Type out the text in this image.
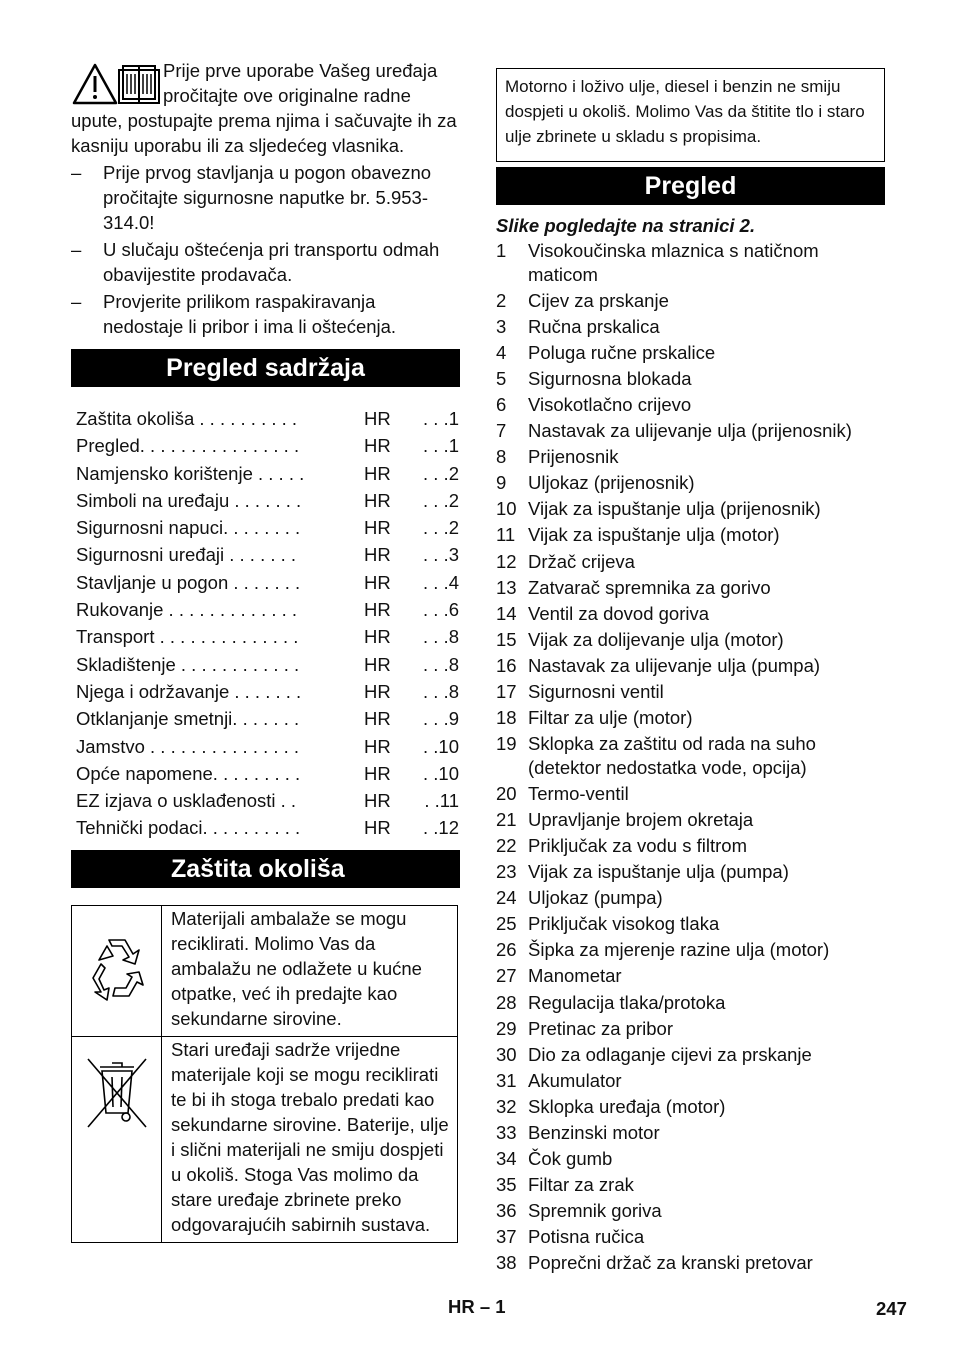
Prije prve uporabe Vašeg uređaja pročitajte ove originalne radne upute, postupajte prema njima i sačuvajte ih za kasniju uporabu ili za sljedećeg vlasnika.

– Prije prvog stavljanja u pogon obavezno pročitajte sigurnosne naputke br. 5.953-314.0!
– U slučaju oštećenja pri transportu odmah obavijestite prodavača.
– Provjerite prilikom raspakiravanja nedostaje li pribor i ima li oštećenja.
Pregled sadržaja
Zaštita okoliša . . . . . . . . . .	HR	. . .1
Pregled. . . . . . . . . . . . . . . .	HR	. . .1
Namjensko korištenje . . . . .	HR	. . .2
Simboli na uređaju . . . . . . .	HR	. . .2
Sigurnosni napuci. . . . . . . .	HR	. . .2
Sigurnosni uređaji . . . . . . .	HR	. . .3
Stavljanje u pogon . . . . . . .	HR	. . .4
Rukovanje . . . . . . . . . . . . .	HR	. . .6
Transport . . . . . . . . . . . . . .	HR	. . .8
Skladištenje . . . . . . . . . . . .	HR	. . .8
Njega i održavanje . . . . . . .	HR	. . .8
Otklanjanje smetnji. . . . . . .	HR	. . .9
Jamstvo . . . . . . . . . . . . . . .	HR	. .10
Opće napomene. . . . . . . . .	HR	. .10
EZ izjava o usklađenosti . .	HR	. .11
Tehnički podaci. . . . . . . . . .	HR	. .12
Zaštita okoliša
	Materijali ambalaže se mogu reciklirati. Molimo Vas da ambalažu ne odlažete u kućne otpatke, već ih predajte kao sekundarne sirovine.
	Stari uređaji sadrže vrijedne materijale koji se mogu reciklirati te bi ih stoga trebalo predati kao sekundarne sirovine. Baterije, ulje i slični materijali ne smiju dospjeti u okoliš. Stoga Vas molimo da stare uređaje zbrinete preko odgovarajućih sabirnih sustava.
Motorno i loživo ulje, diesel i benzin ne smiju dospjeti u okoliš. Molimo Vas da štitite tlo i staro ulje zbrinete u skladu s propisima.
Pregled
Slike pogledajte na stranici 2.
1	Visokoučinska mlaznica s natičnom maticom
2	Cijev za prskanje
3	Ručna prskalica
4	Poluga ručne prskalice
5	Sigurnosna blokada
6	Visokotlačno crijevo
7	Nastavak za ulijevanje ulja (prijenosnik)
8	Prijenosnik
9	Uljokaz (prijenosnik)
10 Vijak za ispuštanje ulja (prijenosnik)
11 Vijak za ispuštanje ulja (motor)
12 Držač crijeva
13 Zatvarač spremnika za gorivo
14 Ventil za dovod goriva
15 Vijak za dolijevanje ulja (motor)
16 Nastavak za ulijevanje ulja (pumpa)
17 Sigurnosni ventil
18 Filtar za ulje (motor)
19 Sklopka za zaštitu od rada na suho (detektor nedostatka vode, opcija)
20 Termo-ventil
21 Upravljanje brojem okretaja
22 Priključak za vodu s filtrom
23 Vijak za ispuštanje ulja (pumpa)
24 Uljokaz (pumpa)
25 Priključak visokog tlaka
26 Šipka za mjerenje razine ulja (motor)
27 Manometar
28 Regulacija tlaka/protoka
29 Pretinac za pribor
30 Dio za odlaganje cijevi za prskanje
31 Akumulator
32 Sklopka uređaja (motor)
33 Benzinski motor
34 Čok gumb
35 Filtar za zrak
36 Spremnik goriva
37 Potisna ručica
38 Poprečni držač za kranski pretovar
HR – 1	247
